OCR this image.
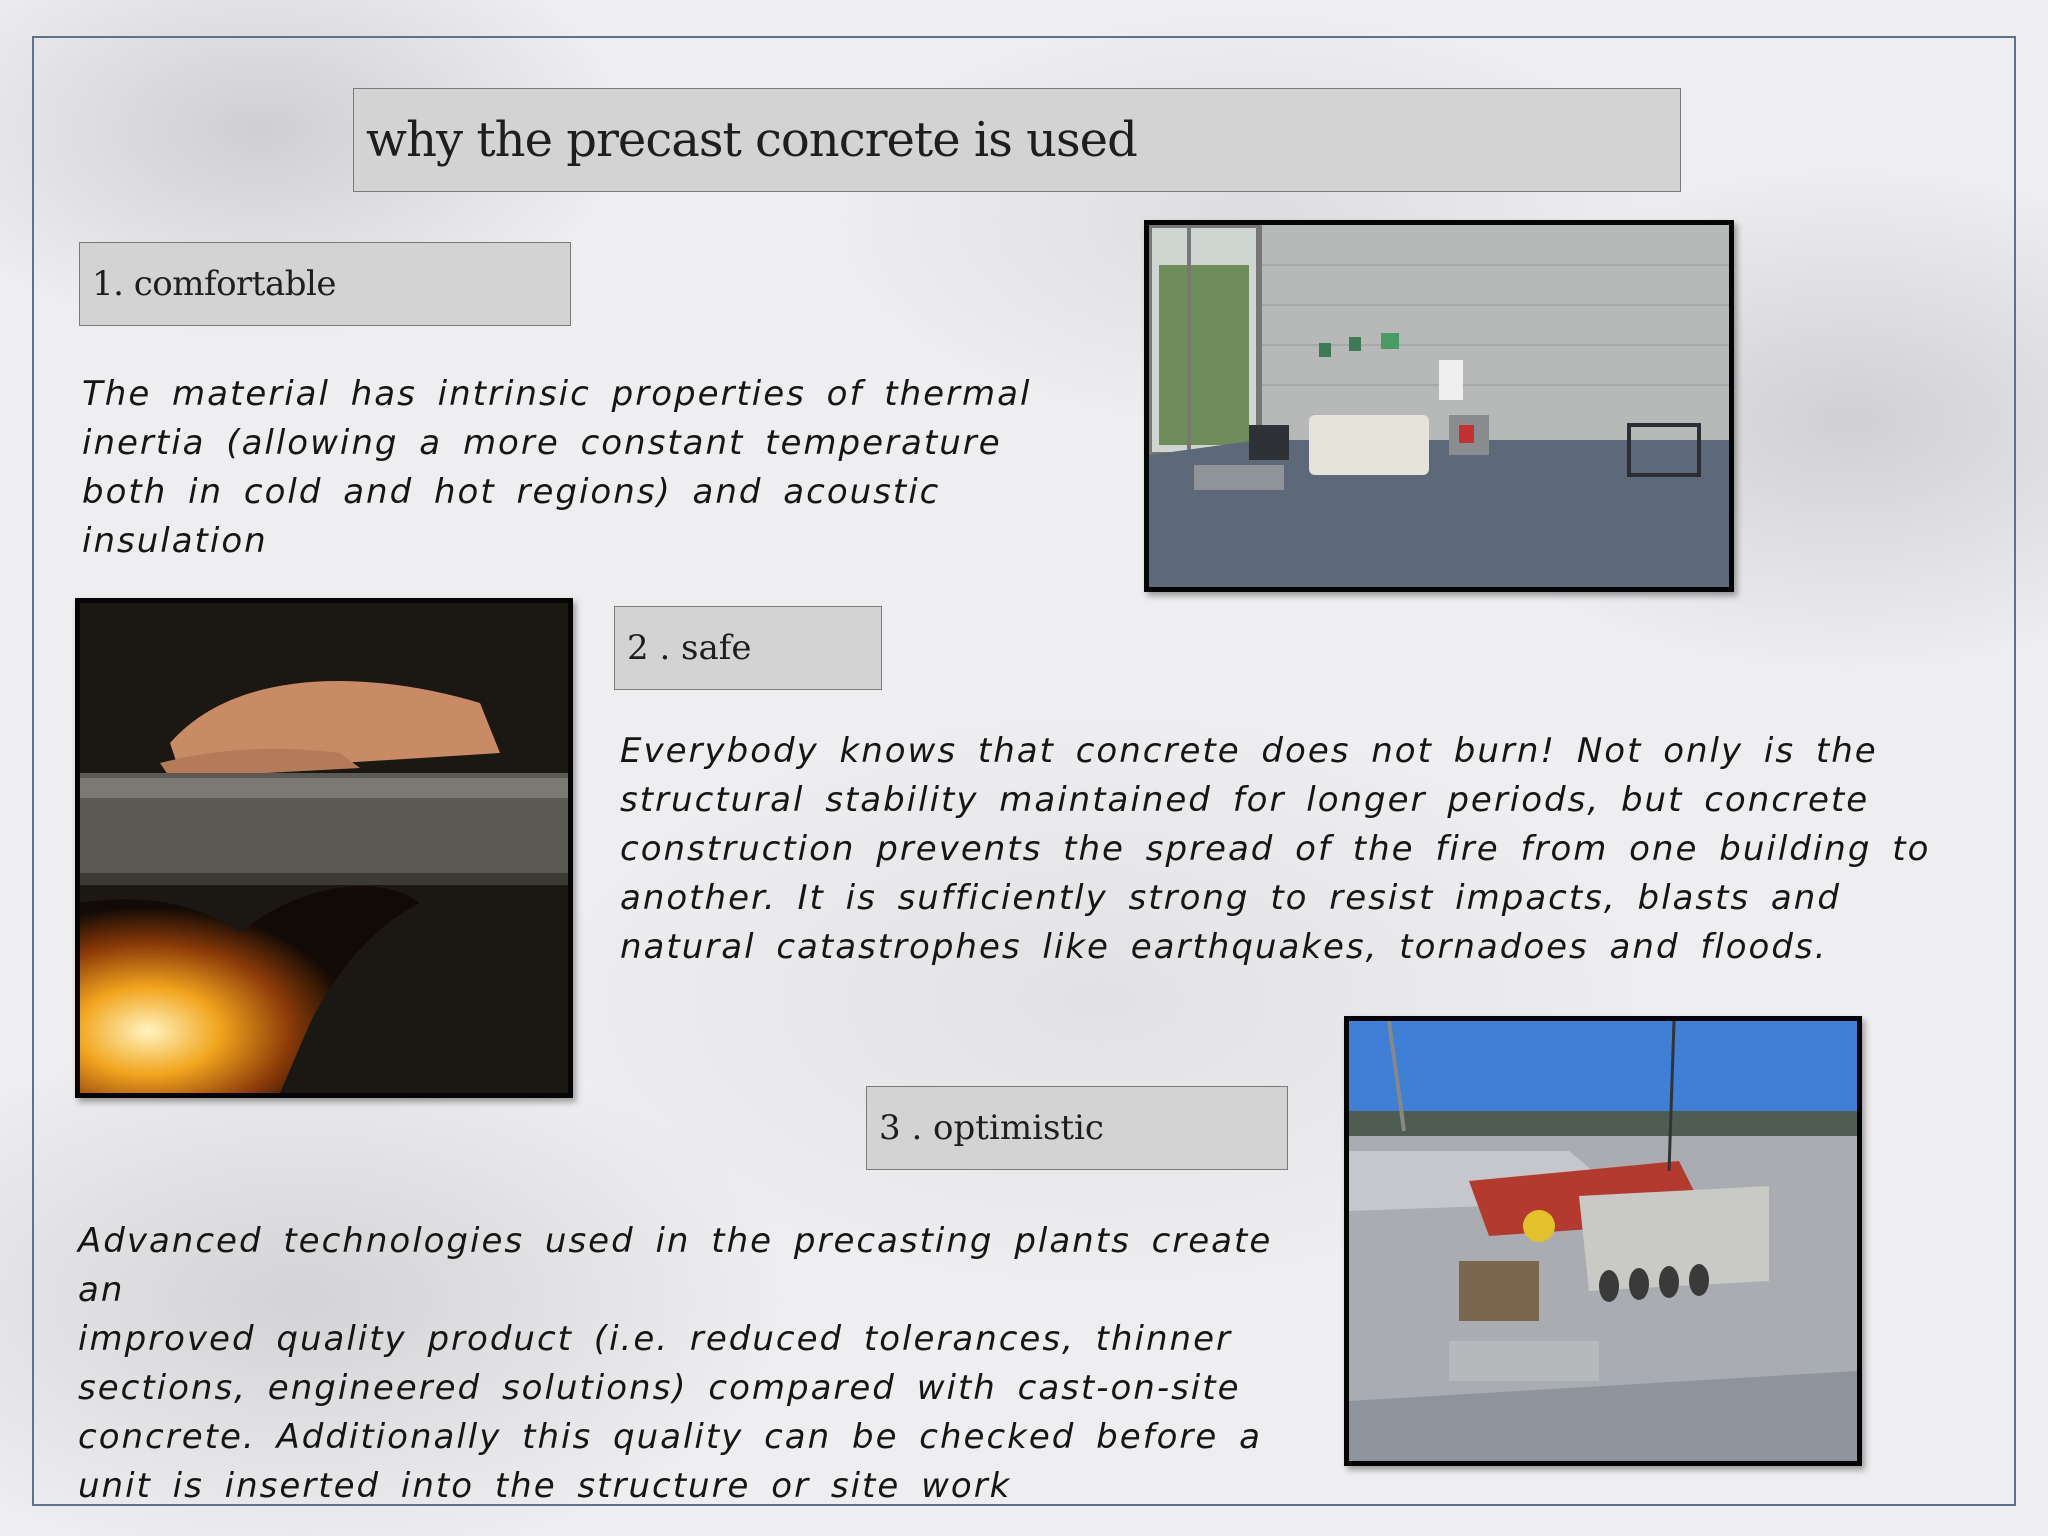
why the precast concrete is used
1. comfortable

The material has intrinsic properties of thermal
inertia (allowing a more constant temperature
both in cold and hot regions) and acoustic
insulation

2 . safe

Everybody knows that concrete does not burn! Not only is the
structural stability maintained for longer periods, but concrete
construction prevents the spread of the fire from one building to
another. It is sufficiently strong to resist impacts, blasts and
natural catastrophes like earthquakes, tornadoes and floods.

3 . optimistic

Advanced technologies used in the precasting plants create an
improved quality product (i.e. reduced tolerances, thinner
sections, engineered solutions) compared with cast-on-site
concrete. Additionally this quality can be checked before a
unit is inserted into the structure or site work
